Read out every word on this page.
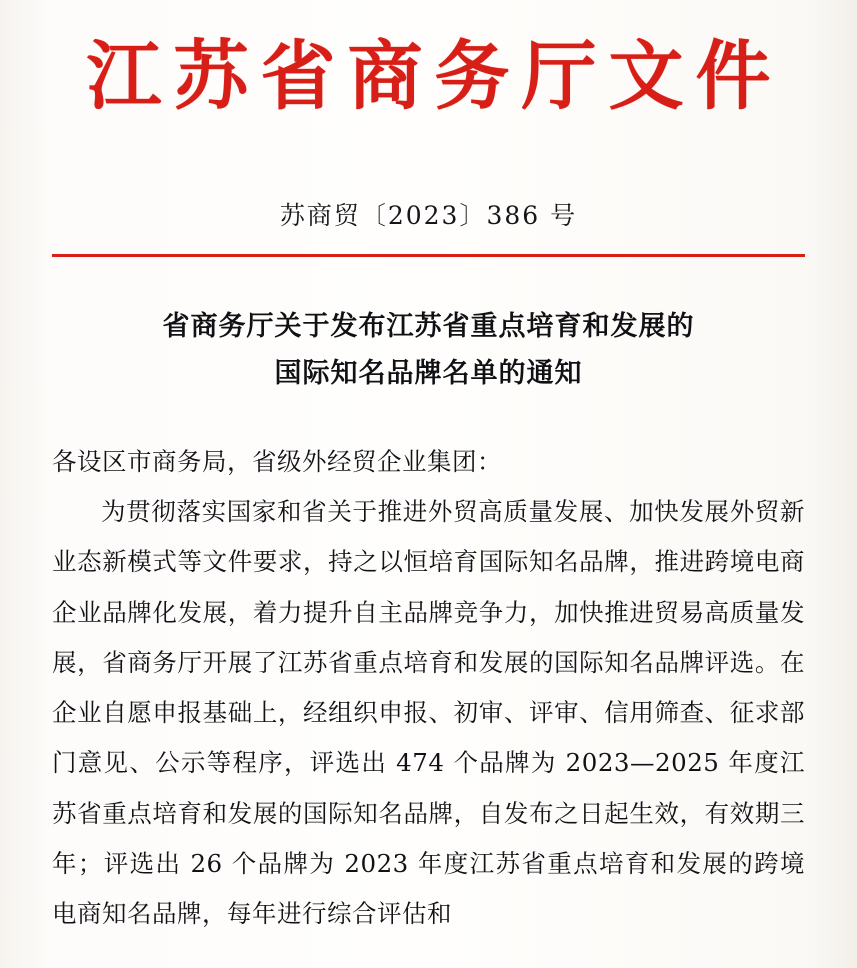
江苏省商务厅文件
苏商贸〔2023〕386 号
省商务厅关于发布江苏省重点培育和发展的
国际知名品牌名单的通知

各设区市商务局，省级外经贸企业集团：

为贯彻落实国家和省关于推进外贸高质量发展、加快发展外贸新业态新模式等文件要求，持之以恒培育国际知名品牌，推进跨境电商企业品牌化发展，着力提升自主品牌竞争力，加快推进贸易高质量发展，省商务厅开展了江苏省重点培育和发展的国际知名品牌评选。在企业自愿申报基础上，经组织申报、初审、评审、信用筛查、征求部门意见、公示等程序，评选出 474 个品牌为 2023—2025 年度江苏省重点培育和发展的国际知名品牌，自发布之日起生效，有效期三年；评选出 26 个品牌为 2023 年度江苏省重点培育和发展的跨境电商知名品牌，每年进行综合评估和
